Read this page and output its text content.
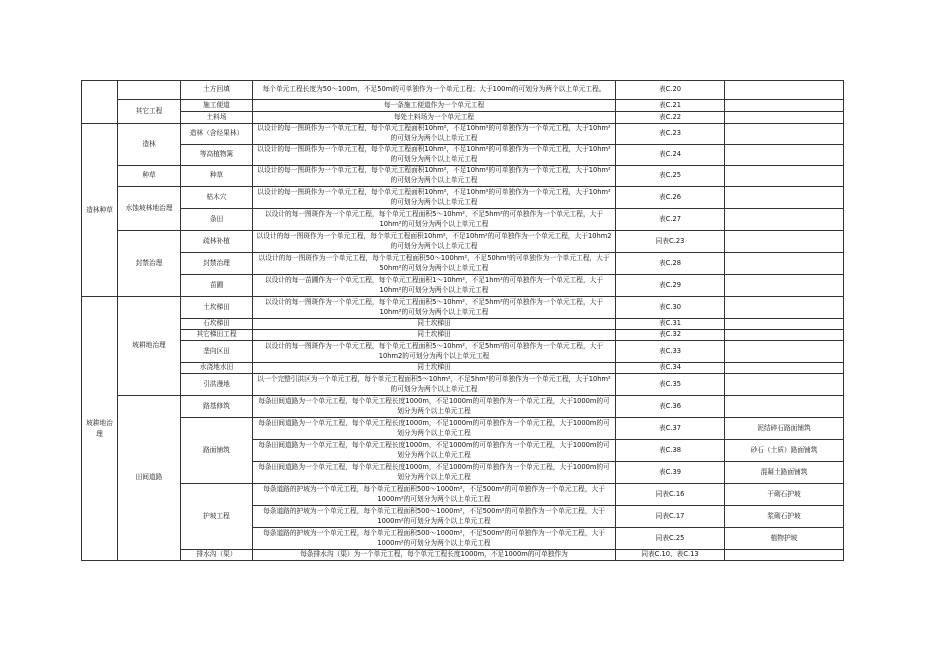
		土方回填	每个单元工程长度为50～100m，不足50m的可单独作为一个单元工程；大于100m的可划分为两个以上单元工程。	表C.20	
	其它工程	施工便道	每一条施工便道作为一个单元工程	表C.21	
		土料场	每处土料场为一个单元工程	表C.22	
造林种草	造林	造林（含经果林）	以设计的每一图斑作为一个单元工程，每个单元工程面积10hm²，不足10hm²的可单独作为一个单元工程，大于10hm²的可划分为两个以上单元工程	表C.23	
		等高植物篱	以设计的每一图斑作为一个单元工程，每个单元工程面积10hm²，不足10hm²的可单独作为一个单元工程，大于10hm²的可划分为两个以上单元工程	表C.24	
	种草	种草	以设计的每一图斑作为一个单元工程，每个单元工程面积10hm²，不足10hm²的可单独作为一个单元工程，大于10hm²的可划分为两个以上单元工程	表C.25	
	水蚀坡林地治理	枯木穴	以设计的每一图斑作为一个单元工程，每个单元工程面积10hm²，不足10hm²的可单独作为一个单元工程，大于10hm²的可划分为两个以上单元工程	表C.26	
		条田	以设计的每一图斑作为一个单元工程，每个单元工程面积5～10hm²，不足5hm²的可单独作为一个单元工程，大于10hm²的可划分为两个以上单元工程	表C.27	
	封禁治理	疏林补植	以设计的每一图斑作为一个单元工程，每个单元工程面积10hm²，不足10hm²的可单独作为一个单元工程，大于10hm2的可划分为两个以上单元工程	同表C.23	
		封禁治理	以设计的每一图斑作为一个单元工程，每个单元工程面积50～100hm²，不足50hm²的可单独作为一个单元工程，大于50hm²的可划分为两个以上单元工程	表C.28	
		苗圃	以设计的每一苗圃作为一个单元工程，每个单元工程面积1～10hm²，不足1hm²的可单独作为一个单元工程，大于10hm²的可划分为两个以上单元工程	表C.29	
坡耕地治理	坡耕地治理	土坎梯田	以设计的每一图斑作为一个单元工程，每个单元工程面积5～10hm²，不足5hm²的可单独作为一个单元工程，大于10hm²的可划分为两个以上单元工程	表C.30	
		石坎梯田	同土坎梯田	表C.31	
		其它梯田工程	同土坎梯田	表C.32	
		垄向区田	以设计的每一图斑作为一个单元工程，每个单元工程面积5～10hm²，不足5hm²的可单独作为一个单元工程，大于10hm2的可划分为两个以上单元工程	表C.33	
		水浇地水田	同土坎梯田	表C.34	
		引洪漫地	以一个完整引洪区为一个单元工程，每个单元工程面积5～10hm²，不足5hm²的可单独作为一个单元工程，大于10hm²的可划分为两个以上单元工程	表C.35	
	田间道路	路基修筑	每条田间道路为一个单元工程，每个单元工程长度1000m，不足1000m的可单独作为一个单元工程，大于1000m的可划分为两个以上单元工程	表C.36	
		路面铺筑	每条田间道路为一个单元工程，每个单元工程长度1000m，不足1000m的可单独作为一个单元工程，大于1000m的可划分为两个以上单元工程	表C.37	泥结碎石路面铺筑
			每条田间道路为一个单元工程，每个单元工程长度1000m，不足1000m的可单独作为一个单元工程，大于1000m的可划分为两个以上单元工程	表C.38	砂石（土质）路面铺筑
			每条田间道路为一个单元工程，每个单元工程长度1000m，不足1000m的可单独作为一个单元工程，大于1000m的可划分为两个以上单元工程	表C.39	混凝土路面铺筑
		护坡工程	每条道路的护坡为一个单元工程，每个单元工程面积500～1000m²，不足500m²的可单独作为一个单元工程，大于1000m²的可划分为两个以上单元工程	同表C.16	干砌石护坡
			每条道路的护坡为一个单元工程，每个单元工程面积500～1000m²，不足500m²的可单独作为一个单元工程，大于1000m²的可划分为两个以上单元工程	同表C.17	浆砌石护坡
			每条道路的护坡为一个单元工程，每个单元工程面积500～1000m²，不足500m²的可单独作为一个单元工程，大于1000m²的可划分为两个以上单元工程	同表C.25	植物护坡
		排水沟（渠）	每条排水沟（渠）为一个单元工程，每个单元工程长度1000m，不足1000m的可单独作为	同表C.10、表C.13	
